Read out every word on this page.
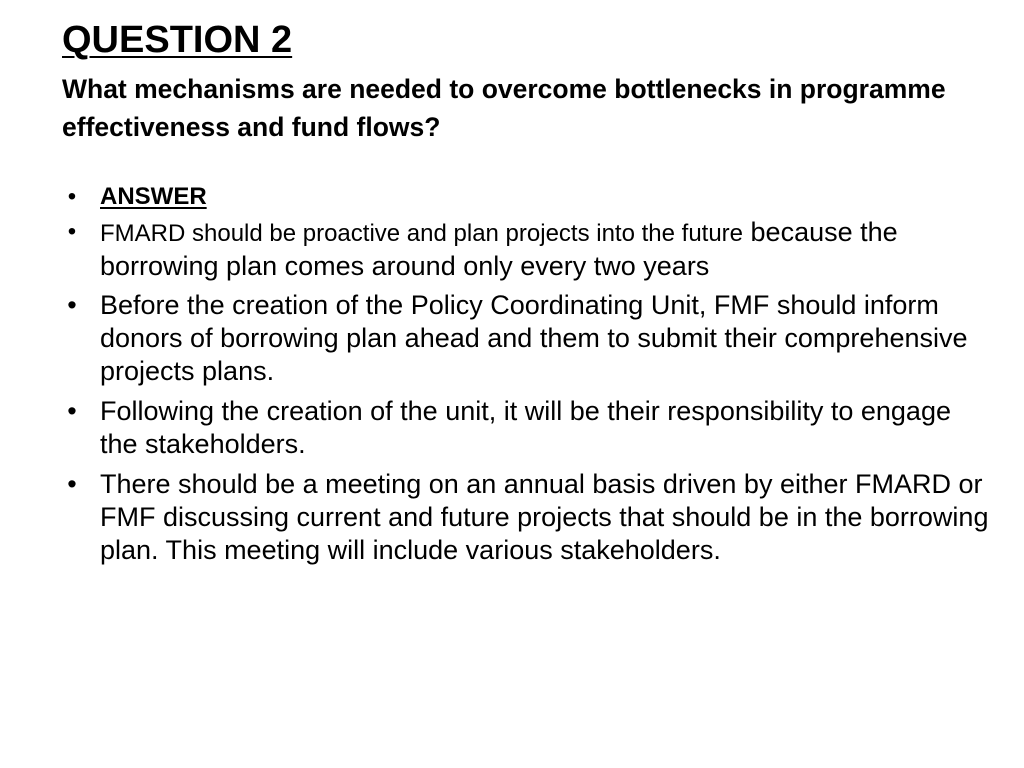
QUESTION 2

What mechanisms are needed to overcome bottlenecks in programme effectiveness and fund flows?

• ANSWER
• FMARD should be proactive and plan projects into the future because the borrowing plan comes around only every two years
• Before the creation of the Policy Coordinating Unit, FMF should inform donors of borrowing plan ahead and them to submit their comprehensive projects plans.
• Following the creation of the unit, it will be their responsibility to engage the stakeholders.
• There should be a meeting on an annual basis driven by either FMARD or FMF discussing current and future projects that should be in the borrowing plan. This meeting will include various stakeholders.
